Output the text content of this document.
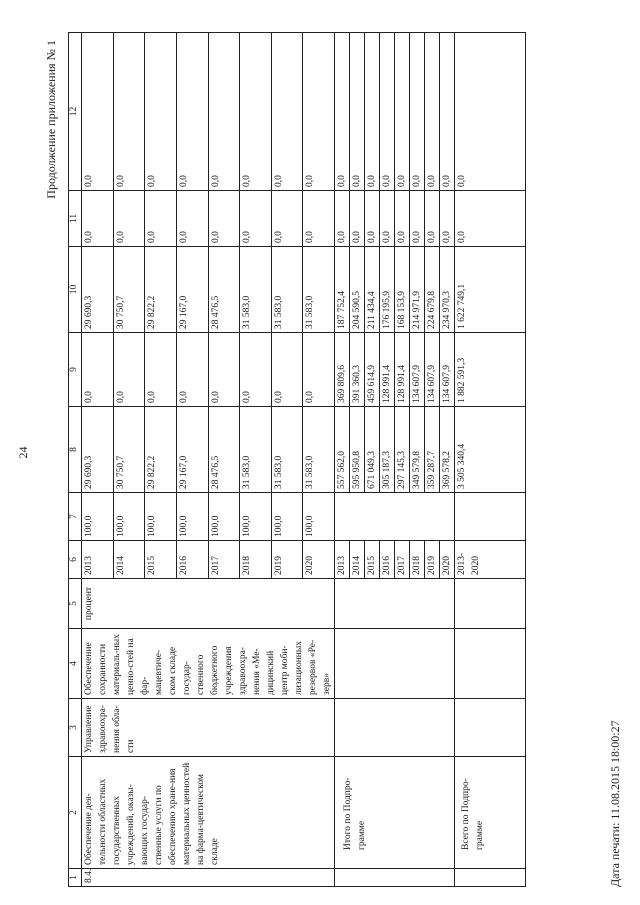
24
Продолжение приложения № 1
1	2	3	4	5	6	7	8	9	10	11	12
8.4.	Обеспечение дея-тельности областных государственных учреждений, оказы-вающих государ-ственные услуги по обеспечению хране-ния материальных ценностей на фарма-цевтическом складе	Управление здравоохра-нения обла-сти	Обеспечение сохранности материаль-ных ценно-стей на фар-мацевтиче-ском складе государ-ственного бюджетного учреждения здравоохра-нения «Ме-дицинский центр моби-лизационных резервов «Ре-зерв»	процент	2013	100,0	29 690,3	0,0	29 690,3	0,0	0,0
					2014	100,0	30 750,7	0,0	30 750,7	0,0	0,0
					2015	100,0	29 822,2	0,0	29 822,2	0,0	0,0
					2016	100,0	29 167,0	0,0	29 167,0	0,0	0,0
					2017	100,0	28 476,5	0,0	28 476,5	0,0	0,0
					2018	100,0	31 583,0	0,0	31 583,0	0,0	0,0
					2019	100,0	31 583,0	0,0	31 583,0	0,0	0,0
					2020	100,0	31 583,0	0,0	31 583,0	0,0	0,0
	Итого по Подпро-грамме				2013		557 562,0	369 809,6	187 752,4	0,0	0,0
					2014		595 950,8	391 360,3	204 590,5	0,0	0,0
					2015		671 049,3	459 614,9	211 434,4	0,0	0,0
					2016		305 187,3	128 991,4	176 195,9	0,0	0,0
					2017		297 145,3	128 991,4	168 153,9	0,0	0,0
					2018		349 579,8	134 607,9	214 971,9	0,0	0,0
					2019		359 287,7	134 607,9	224 679,8	0,0	0,0
					2020		369 578,2	134 607,9	234 970,3	0,0	0,0
	Всего по Подпро-грамме				2013-2020		3 505 340,4	1 882 591,3	1 622 749,1	0,0	0,0
Дата печати: 11.08.2015 18:00:27
